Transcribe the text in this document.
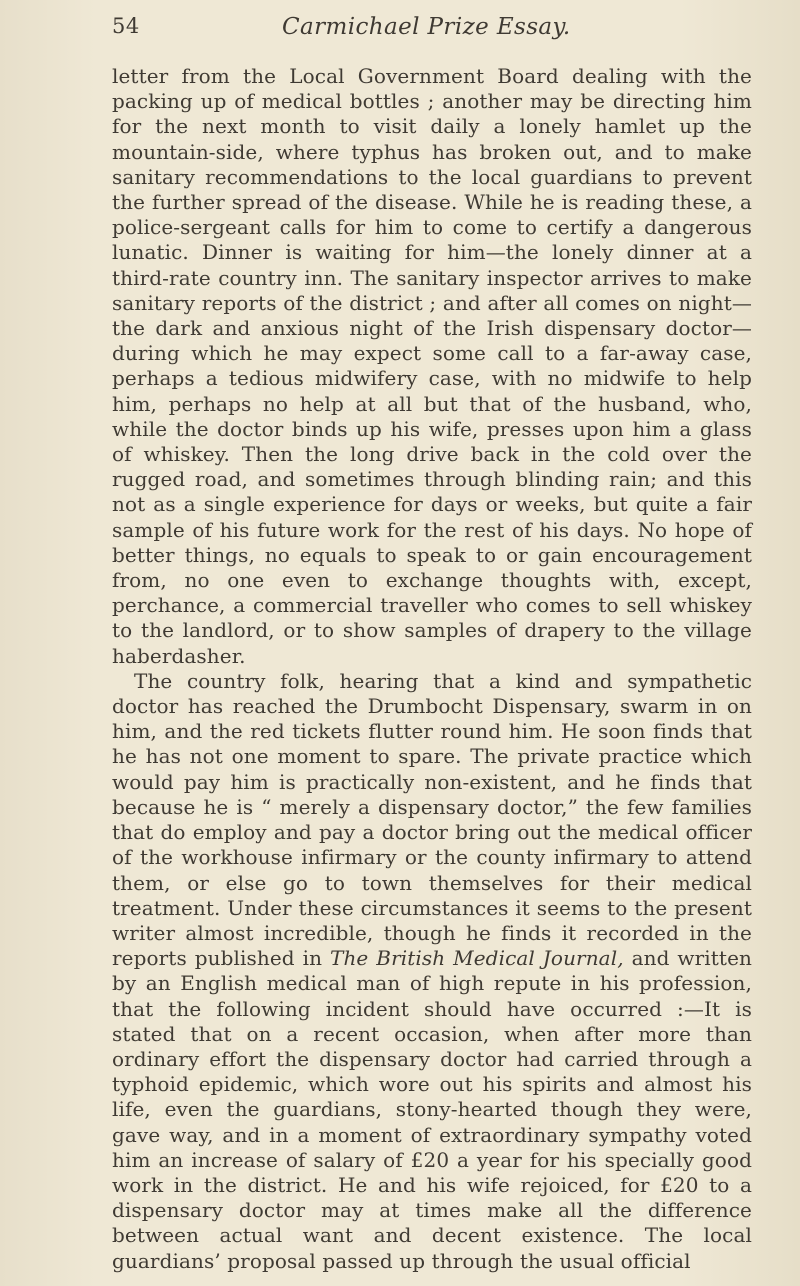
54	Carmichael Prize Essay.

letter from the Local Government Board dealing with the packing up of medical bottles ; another may be directing him for the next month to visit daily a lonely hamlet up the mountain-side, where typhus has broken out, and to make sanitary recommendations to the local guardians to prevent the further spread of the disease. While he is reading these, a police-sergeant calls for him to come to certify a dangerous lunatic. Dinner is waiting for him—the lonely dinner at a third-rate country inn. The sanitary inspector arrives to make sanitary reports of the district ; and after all comes on night—the dark and anxious night of the Irish dispensary doctor—during which he may expect some call to a far-away case, perhaps a tedious midwifery case, with no midwife to help him, perhaps no help at all but that of the husband, who, while the doctor binds up his wife, presses upon him a glass of whiskey. Then the long drive back in the cold over the rugged road, and sometimes through blinding rain; and this not as a single experience for days or weeks, but quite a fair sample of his future work for the rest of his days. No hope of better things, no equals to speak to or gain encouragement from, no one even to exchange thoughts with, except, perchance, a commercial traveller who comes to sell whiskey to the landlord, or to show samples of drapery to the village haberdasher.

The country folk, hearing that a kind and sympathetic doctor has reached the Drumbocht Dispensary, swarm in on him, and the red tickets flutter round him. He soon finds that he has not one moment to spare. The private practice which would pay him is practically non-existent, and he finds that because he is “ merely a dispensary doctor,” the few families that do employ and pay a doctor bring out the medical officer of the workhouse infirmary or the county infirmary to attend them, or else go to town themselves for their medical treatment. Under these circumstances it seems to the present writer almost incredible, though he finds it recorded in the reports published in The British Medical Journal, and written by an English medical man of high repute in his profession, that the following incident should have occurred :—It is stated that on a recent occasion, when after more than ordinary effort the dispensary doctor had carried through a typhoid epidemic, which wore out his spirits and almost his life, even the guardians, stony-hearted though they were, gave way, and in a moment of extraordinary sympathy voted him an increase of salary of £20 a year for his specially good work in the district. He and his wife rejoiced, for £20 to a dispensary doctor may at times make all the difference between actual want and decent existence. The local guardians’ proposal passed up through the usual official
